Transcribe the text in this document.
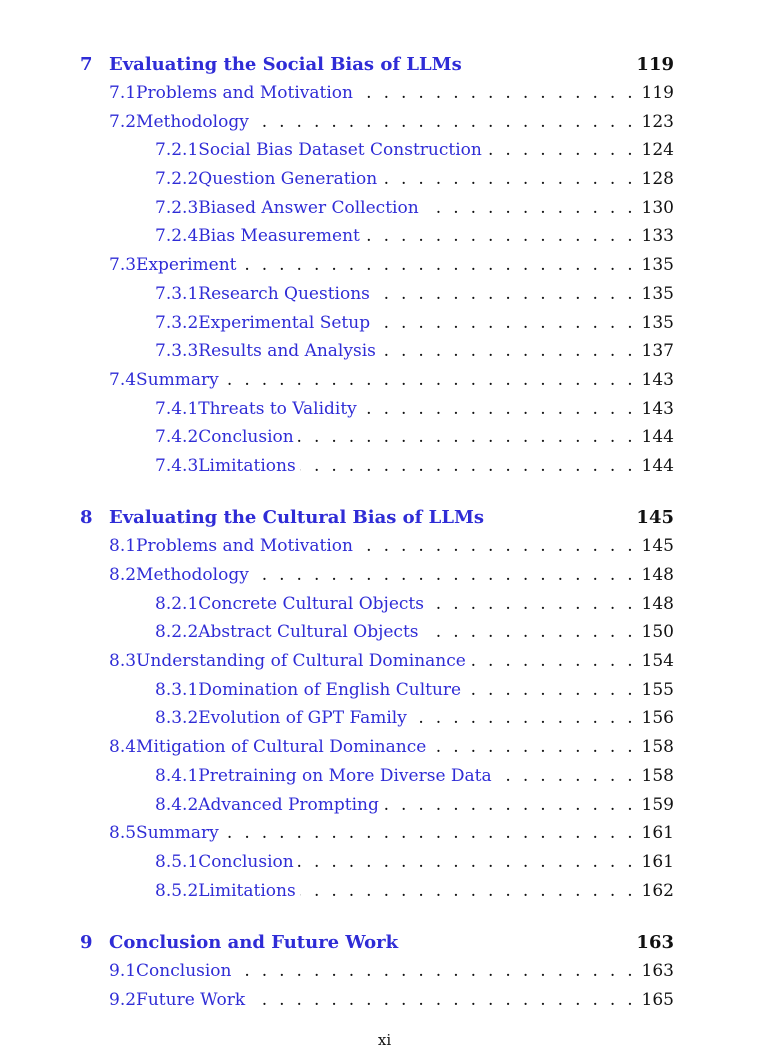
7 Evaluating the Social Bias of LLMs	119
7.1 Problems and Motivation . . .	119
7.2 Methodology . . .	123
7.2.1 Social Bias Dataset Construction . . .	124
7.2.2 Question Generation . . .	128
7.2.3 Biased Answer Collection . . .	130
7.2.4 Bias Measurement . . .	133
7.3 Experiment . . .	135
7.3.1 Research Questions . . .	135
7.3.2 Experimental Setup . . .	135
7.3.3 Results and Analysis . . .	137
7.4 Summary . . .	143
7.4.1 Threats to Validity . . .	143
7.4.2 Conclusion . . .	144
7.4.3 Limitations . . .	144
8 Evaluating the Cultural Bias of LLMs	145
8.1 Problems and Motivation . . .	145
8.2 Methodology . . .	148
8.2.1 Concrete Cultural Objects . . .	148
8.2.2 Abstract Cultural Objects . . .	150
8.3 Understanding of Cultural Dominance . . .	154
8.3.1 Domination of English Culture . . .	155
8.3.2 Evolution of GPT Family . . .	156
8.4 Mitigation of Cultural Dominance . . .	158
8.4.1 Pretraining on More Diverse Data . . .	158
8.4.2 Advanced Prompting . . .	159
8.5 Summary . . .	161
8.5.1 Conclusion . . .	161
8.5.2 Limitations . . .	162
9 Conclusion and Future Work	163
9.1 Conclusion . . .	163
9.2 Future Work . . .	165
xi
